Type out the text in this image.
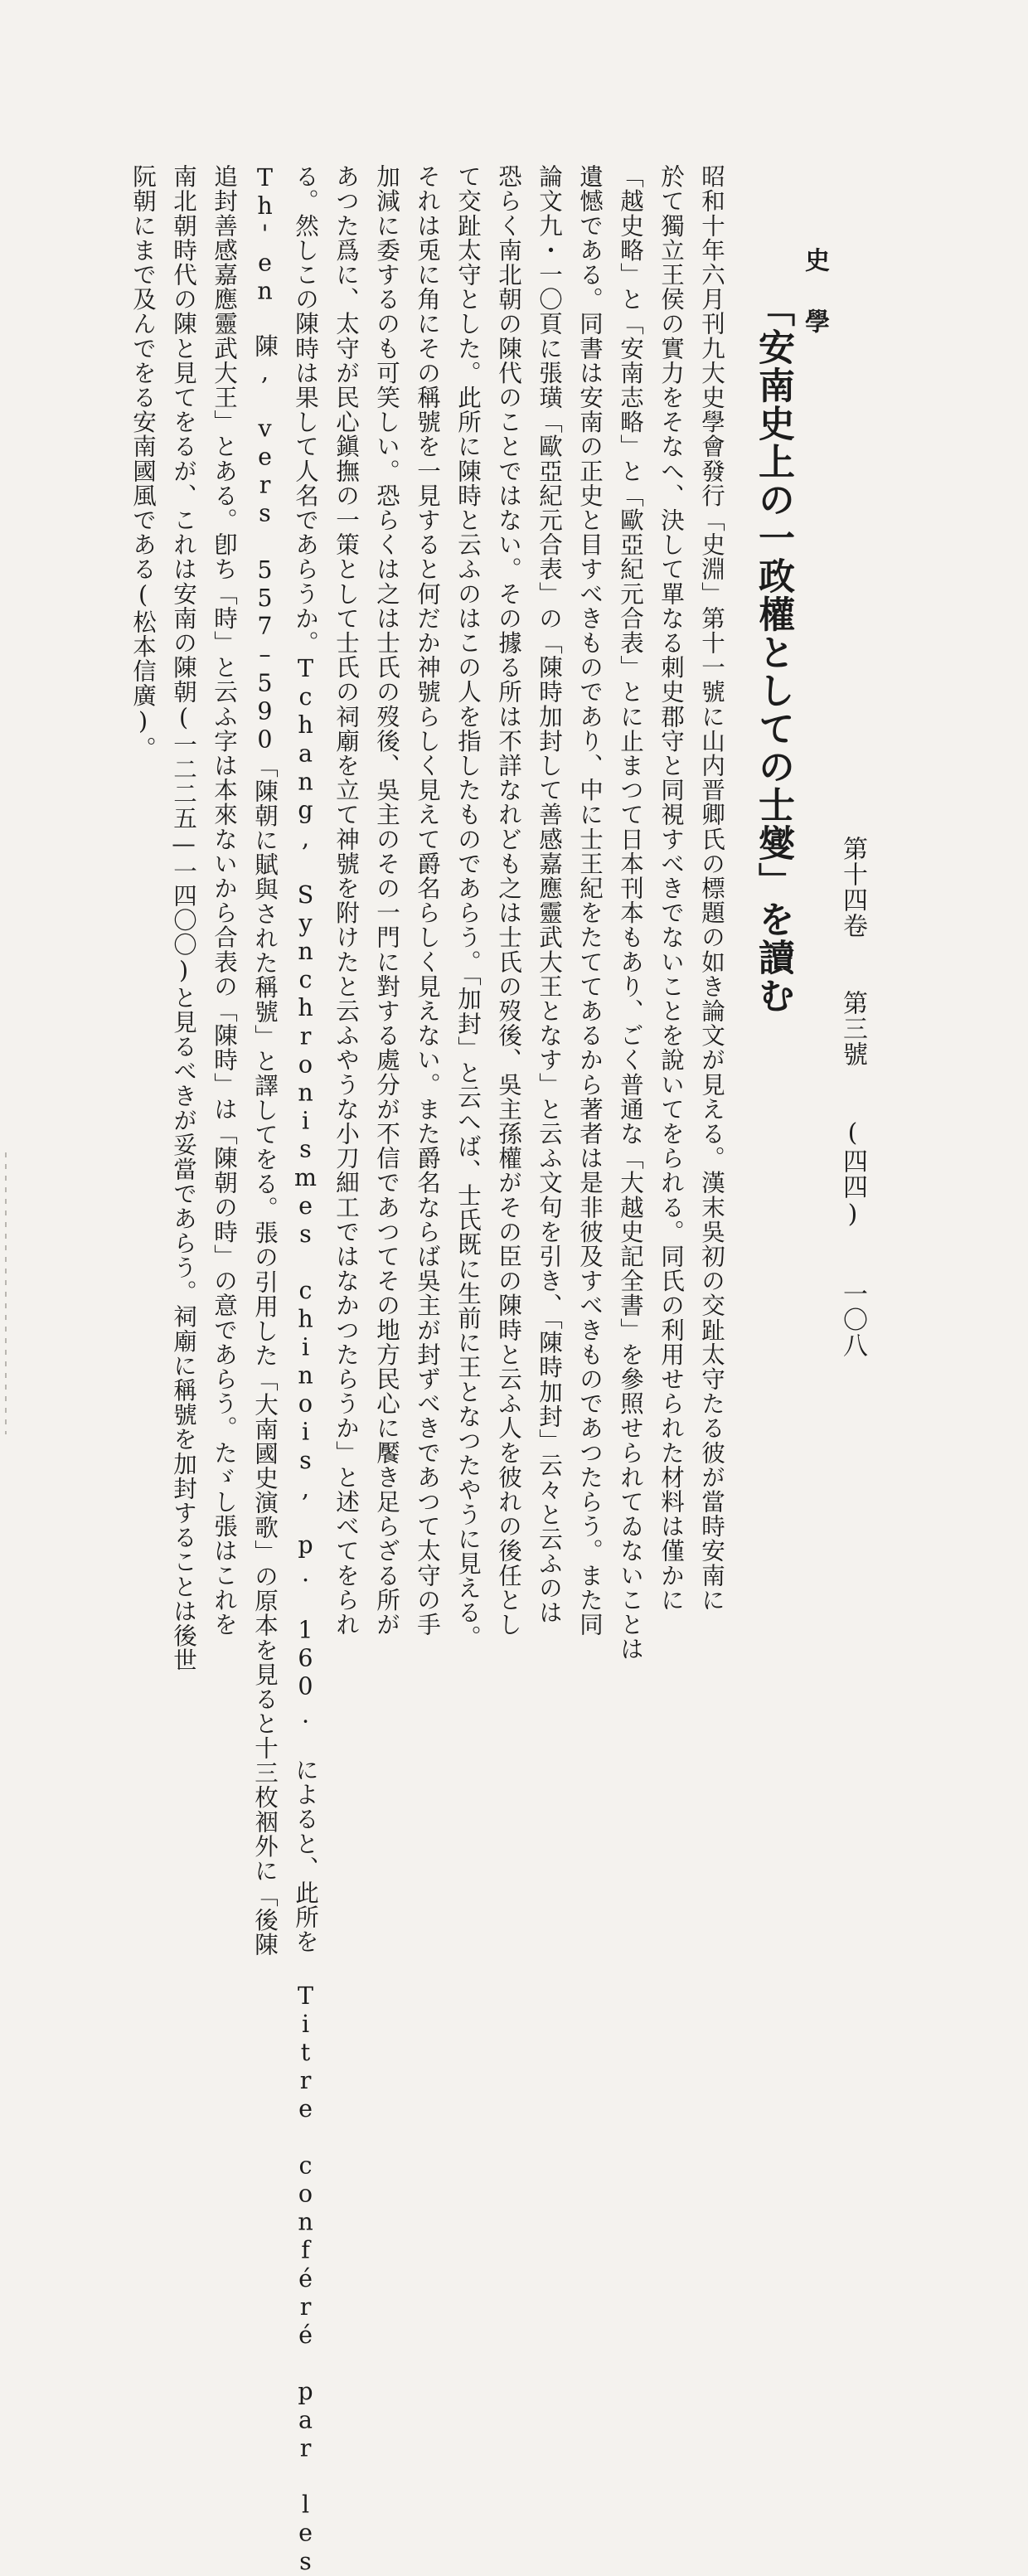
史學
第十四卷 第三號 (四四) 一〇八
「安南史上の一政權としての士燮」を讀む
昭和十年六月刊九大史學會發行「史淵」第十一號に山内晋卿氏の標題の如き論文が見える。漢末吳初の交趾太守たる彼が當時安南に
於て獨立王侯の實力をそなへ、決して單なる刺史郡守と同視すべきでないことを說いてをられる。同氏の利用せられた材料は僅かに
「越史略」と「安南志略」と「歐亞紀元合表」とに止まつて日本刊本もあり、ごく普通な「大越史記全書」を參照せられてゐないことは
遺憾である。同書は安南の正史と目すべきものであり、中に士王紀をたててあるから著者は是非彼及すべきものであつたらう。また同
論文九・一〇頁に張璜「歐亞紀元合表」の「陳時加封して善感嘉應靈武大王となす」と云ふ文句を引き、「陳時加封」云々と云ふのは
恐らく南北朝の陳代のことではない。その據る所は不詳なれども之は士氏の歿後、吳主孫權がその臣の陳時と云ふ人を彼れの後任とし
て交趾太守とした。此所に陳時と云ふのはこの人を指したものであらう。「加封」と云へば、士氏既に生前に王となつたやうに見える。
それは兎に角にその稱號を一見すると何だか神號らしく見えて爵名らしく見えない。また爵名ならば吳主が封ずべきであつて太守の手
加減に委するのも可笑しい。恐らくは之は士氏の歿後、吳主のその一門に對する處分が不信であつてその地方民心に饜き足らざる所が
あつた爲に、太守が民心鎭撫の一策として士氏の祠廟を立て神號を附けたと云ふやうな小刀細工ではなかつたらうか」と述べてをられ
る。然しこの陳時は果して人名であらうか。Tchang, Synchronismes chinois, p. 160. によると、此所を Titre conféré par les
Th'en 陳, vers 557–590「陳朝に賦與された稱號」と譯してをる。張の引用した「大南國史演歌」の原本を見ると十三枚裀外に「後陳
追封善感嘉應靈武大王」とある。卽ち「時」と云ふ字は本來ないから合表の「陳時」は「陳朝の時」の意であらう。たゞし張はこれを
南北朝時代の陳と見てをるが、これは安南の陳朝(一二二五—一四〇〇)と見るべきが妥當であらう。祠廟に稱號を加封することは後世
阮朝にまで及んでをる安南國風である(松本信廣)。
